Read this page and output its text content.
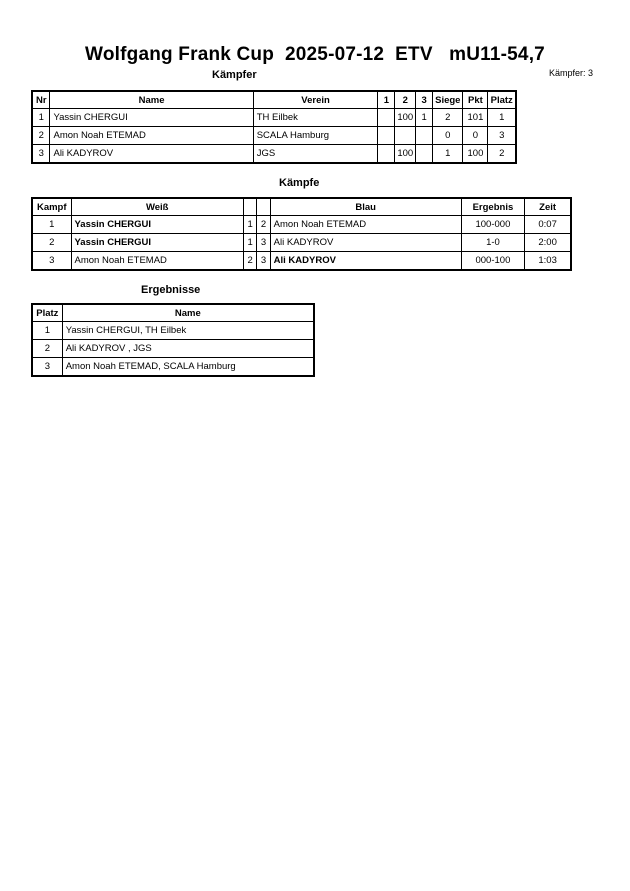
Wolfgang Frank Cup  2025-07-12  ETV   mU11-54,7
Kämpfer: 3
Kämpfer
Nr	Name	Verein	1	2	3	Siege	Pkt	Platz
1	Yassin CHERGUI	TH Eilbek		100	1	2	101	1
2	Amon Noah ETEMAD	SCALA Hamburg				0	0	3
3	Ali KADYROV	JGS		100		1	100	2
Kämpfe
Kampf	Weiß			Blau	Ergebnis	Zeit
1	Yassin CHERGUI	1	2	Amon Noah ETEMAD	100-000	0:07
2	Yassin CHERGUI	1	3	Ali KADYROV	1-0	2:00
3	Amon Noah ETEMAD	2	3	Ali KADYROV	000-100	1:03
Ergebnisse
Platz	Name
1	Yassin CHERGUI, TH Eilbek
2	Ali KADYROV , JGS
3	Amon Noah ETEMAD, SCALA Hamburg
